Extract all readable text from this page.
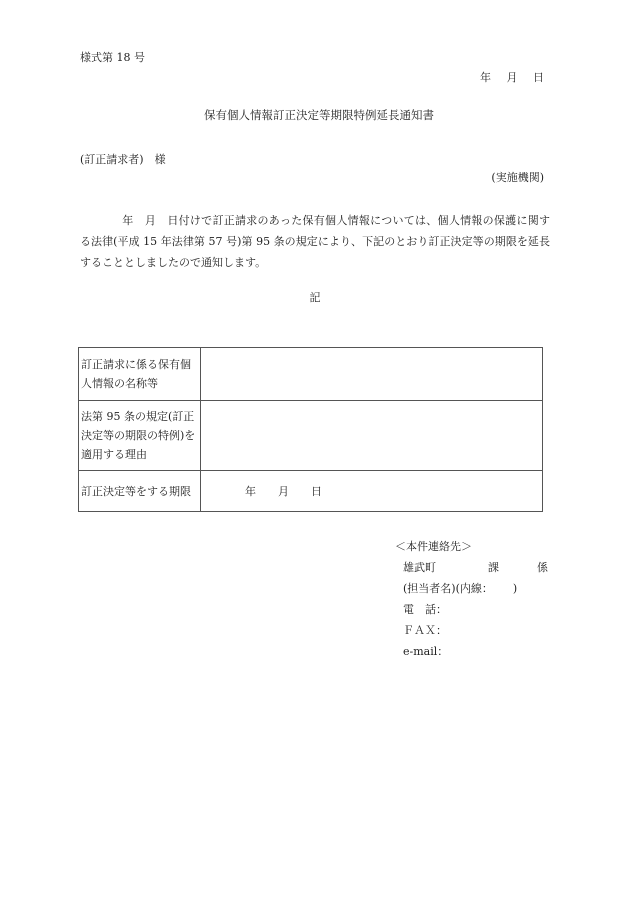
様式第 18 号
年 月 日
保有個人情報訂正決定等期限特例延長通知書
(訂正請求者)　様
(実施機関)
年　月　日付けで訂正請求のあった保有個人情報については、個人情報の保護に関する法律(平成 15 年法律第 57 号)第 95 条の規定により、下記のとおり訂正決定等の期限を延長することとしましたので通知します。
記
訂正請求に係る保有個人情報の名称等	
法第 95 条の規定(訂正決定等の期限の特例)を適用する理由	
訂正決定等をする期限	年　　月　　日
＜本件連絡先＞
雄武町	課	係
(担当者名)(内線：　　 )
電　話：
ＦＡＸ：
e-mail：
